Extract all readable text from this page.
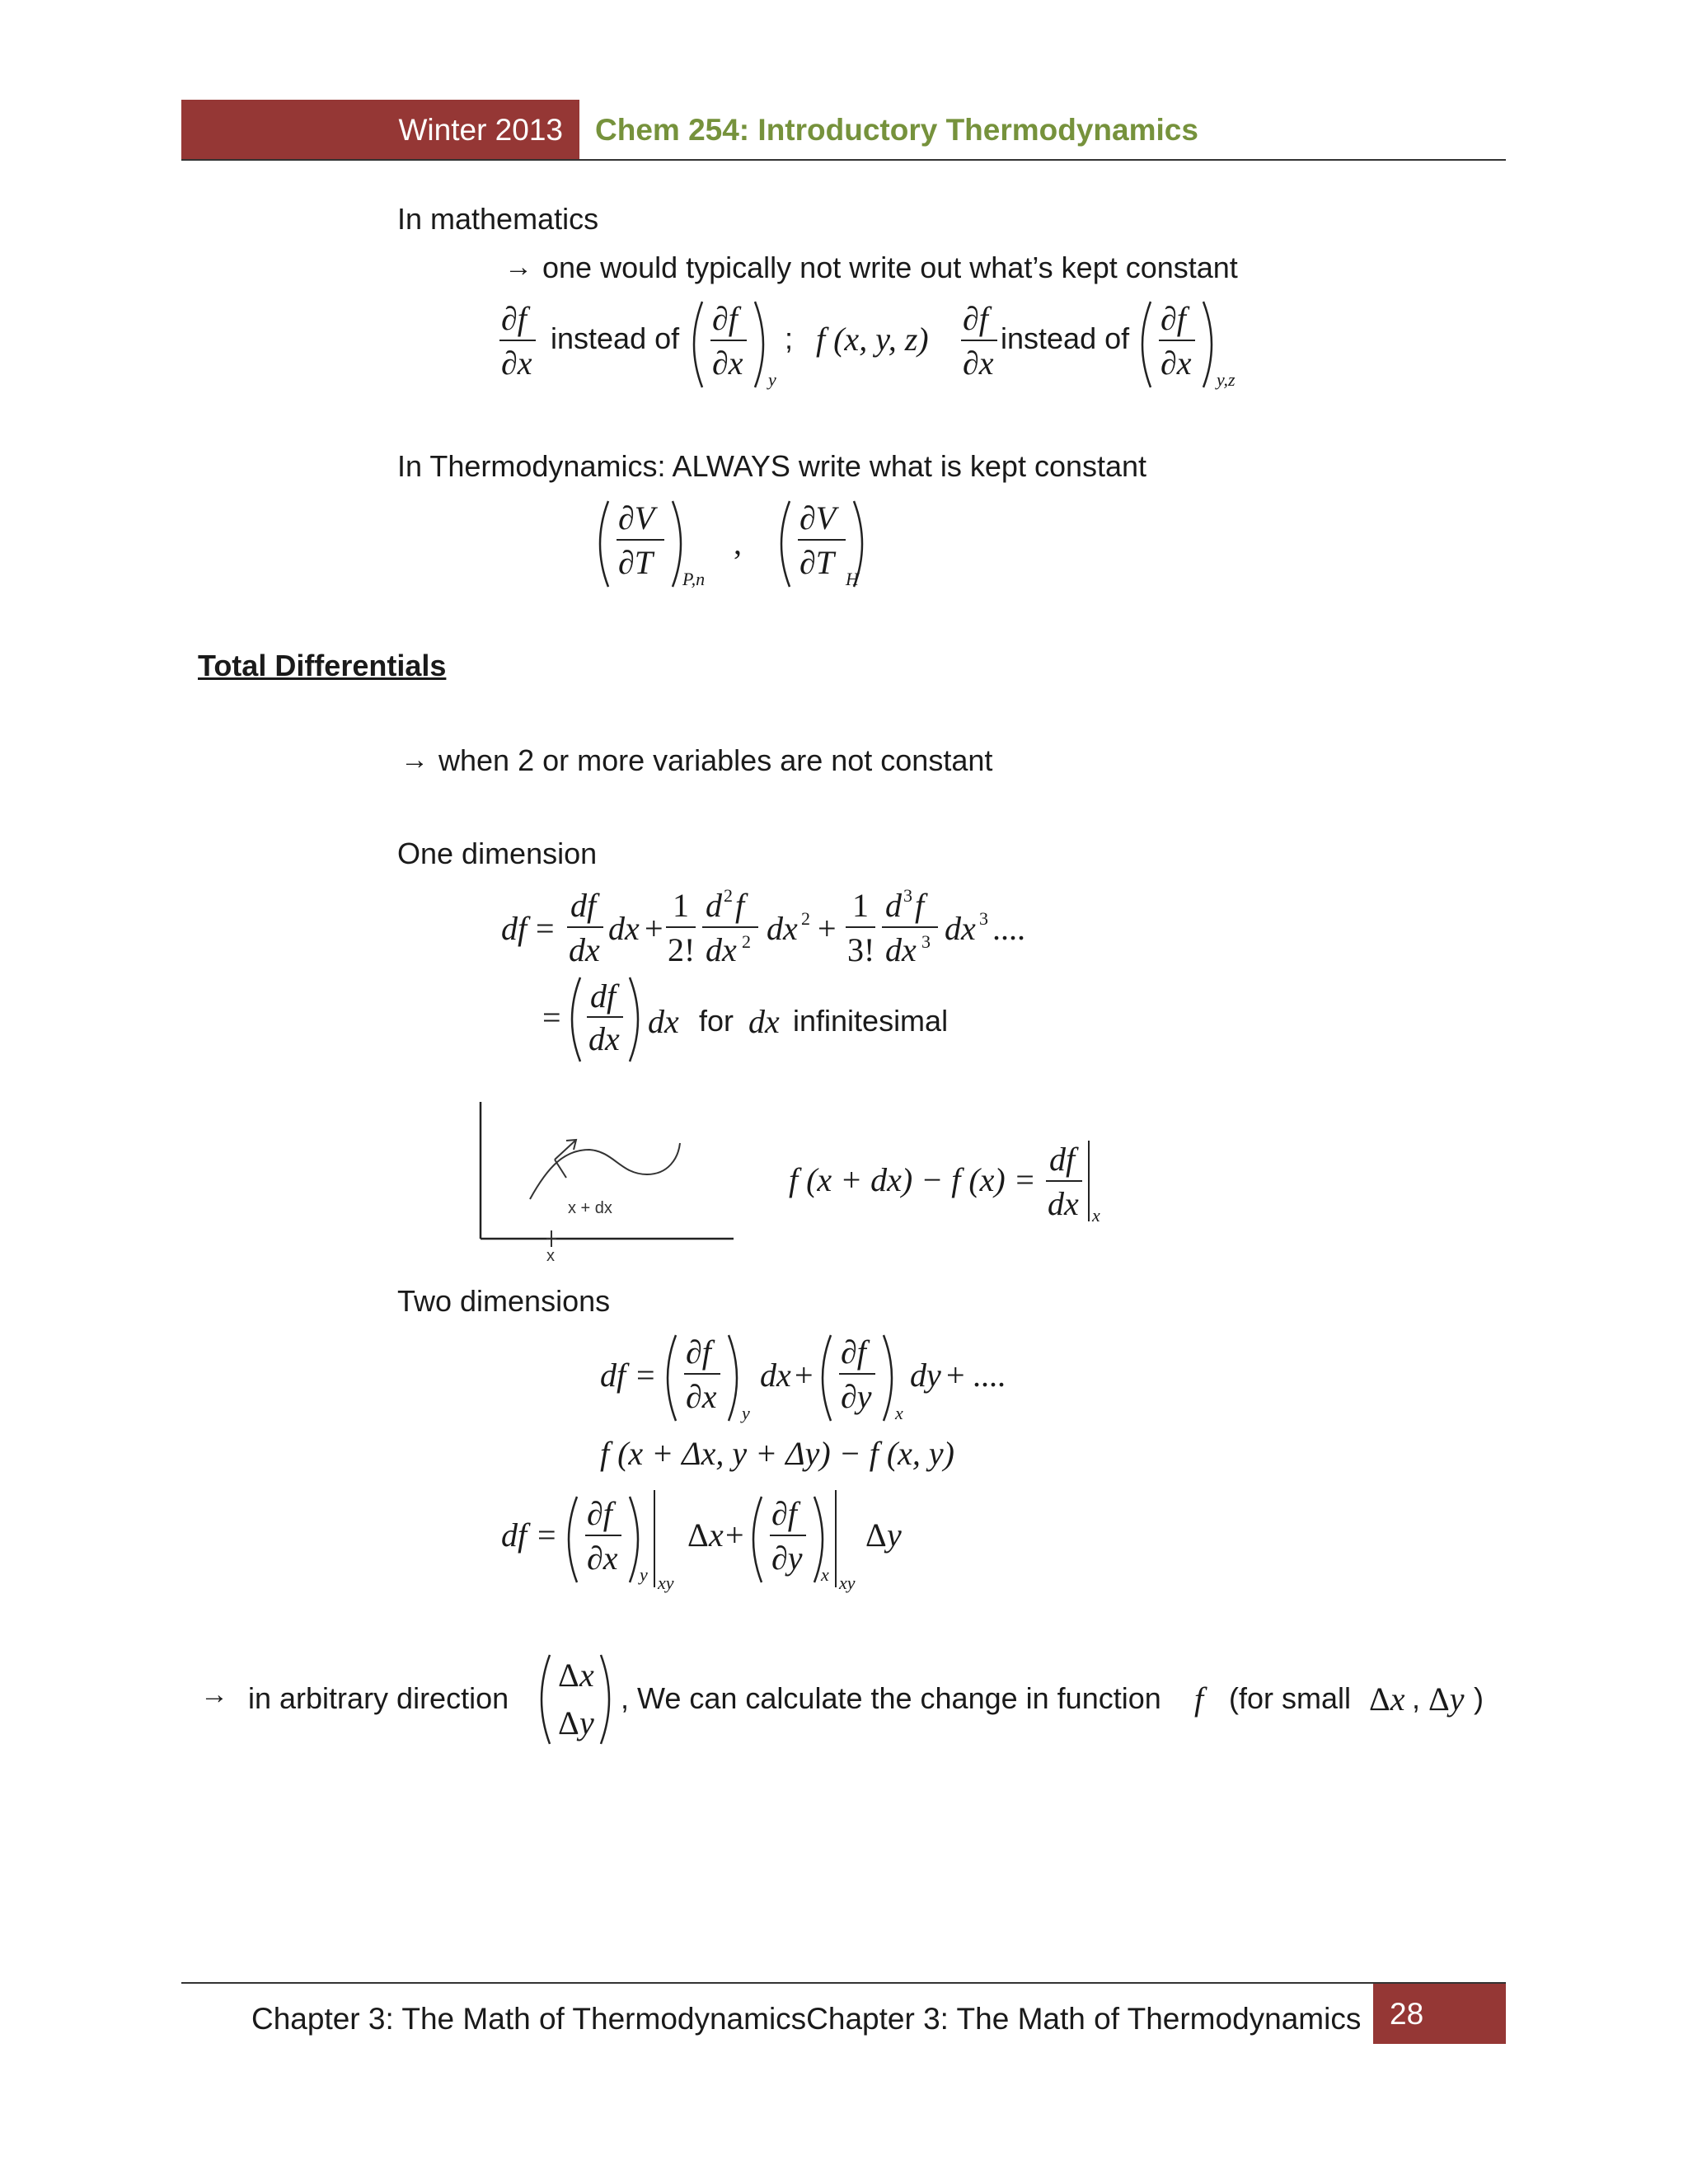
Winter 2013	Chem 254: Introductory Thermodynamics
In mathematics
→ one would typically not write out what’s kept constant
∂f
∂x
∂f
∂x y
∂f
∂x
∂f
∂x y,z
instead of	; f (x, y, z) instead of
In Thermodynamics: ALWAYS write what is kept constant
∂V
∂T
,
∂V
∂T
P,n	H
Total Differentials
→ when 2 or more variables are not constant
One dimension
df =
df
dx
dx +
1
2!
d 2 f
dx 2 dx 2 +
1
3!
d 3 f
dx 3 dx 3 ....
=
df
dx dx for dx infinitesimal
x + dx
x
f (x + dx) − f (x) =
df
dx x
Two dimensions
df =
∂f
∂x y
dx +
∂f
∂y x
dy + ....
f (x + Δx, y + Δy) − f (x, y)
df =
∂f
∂x y xy
Δ x +
∂f
∂y x xy
Δ y
→ in arbitrary direction
Δ x
Δ y
, We can calculate the change in function f (for small Δx , Δy )
Chapter 3: The Math of ThermodynamicsChapter 3: The Math of Thermodynamics 28
